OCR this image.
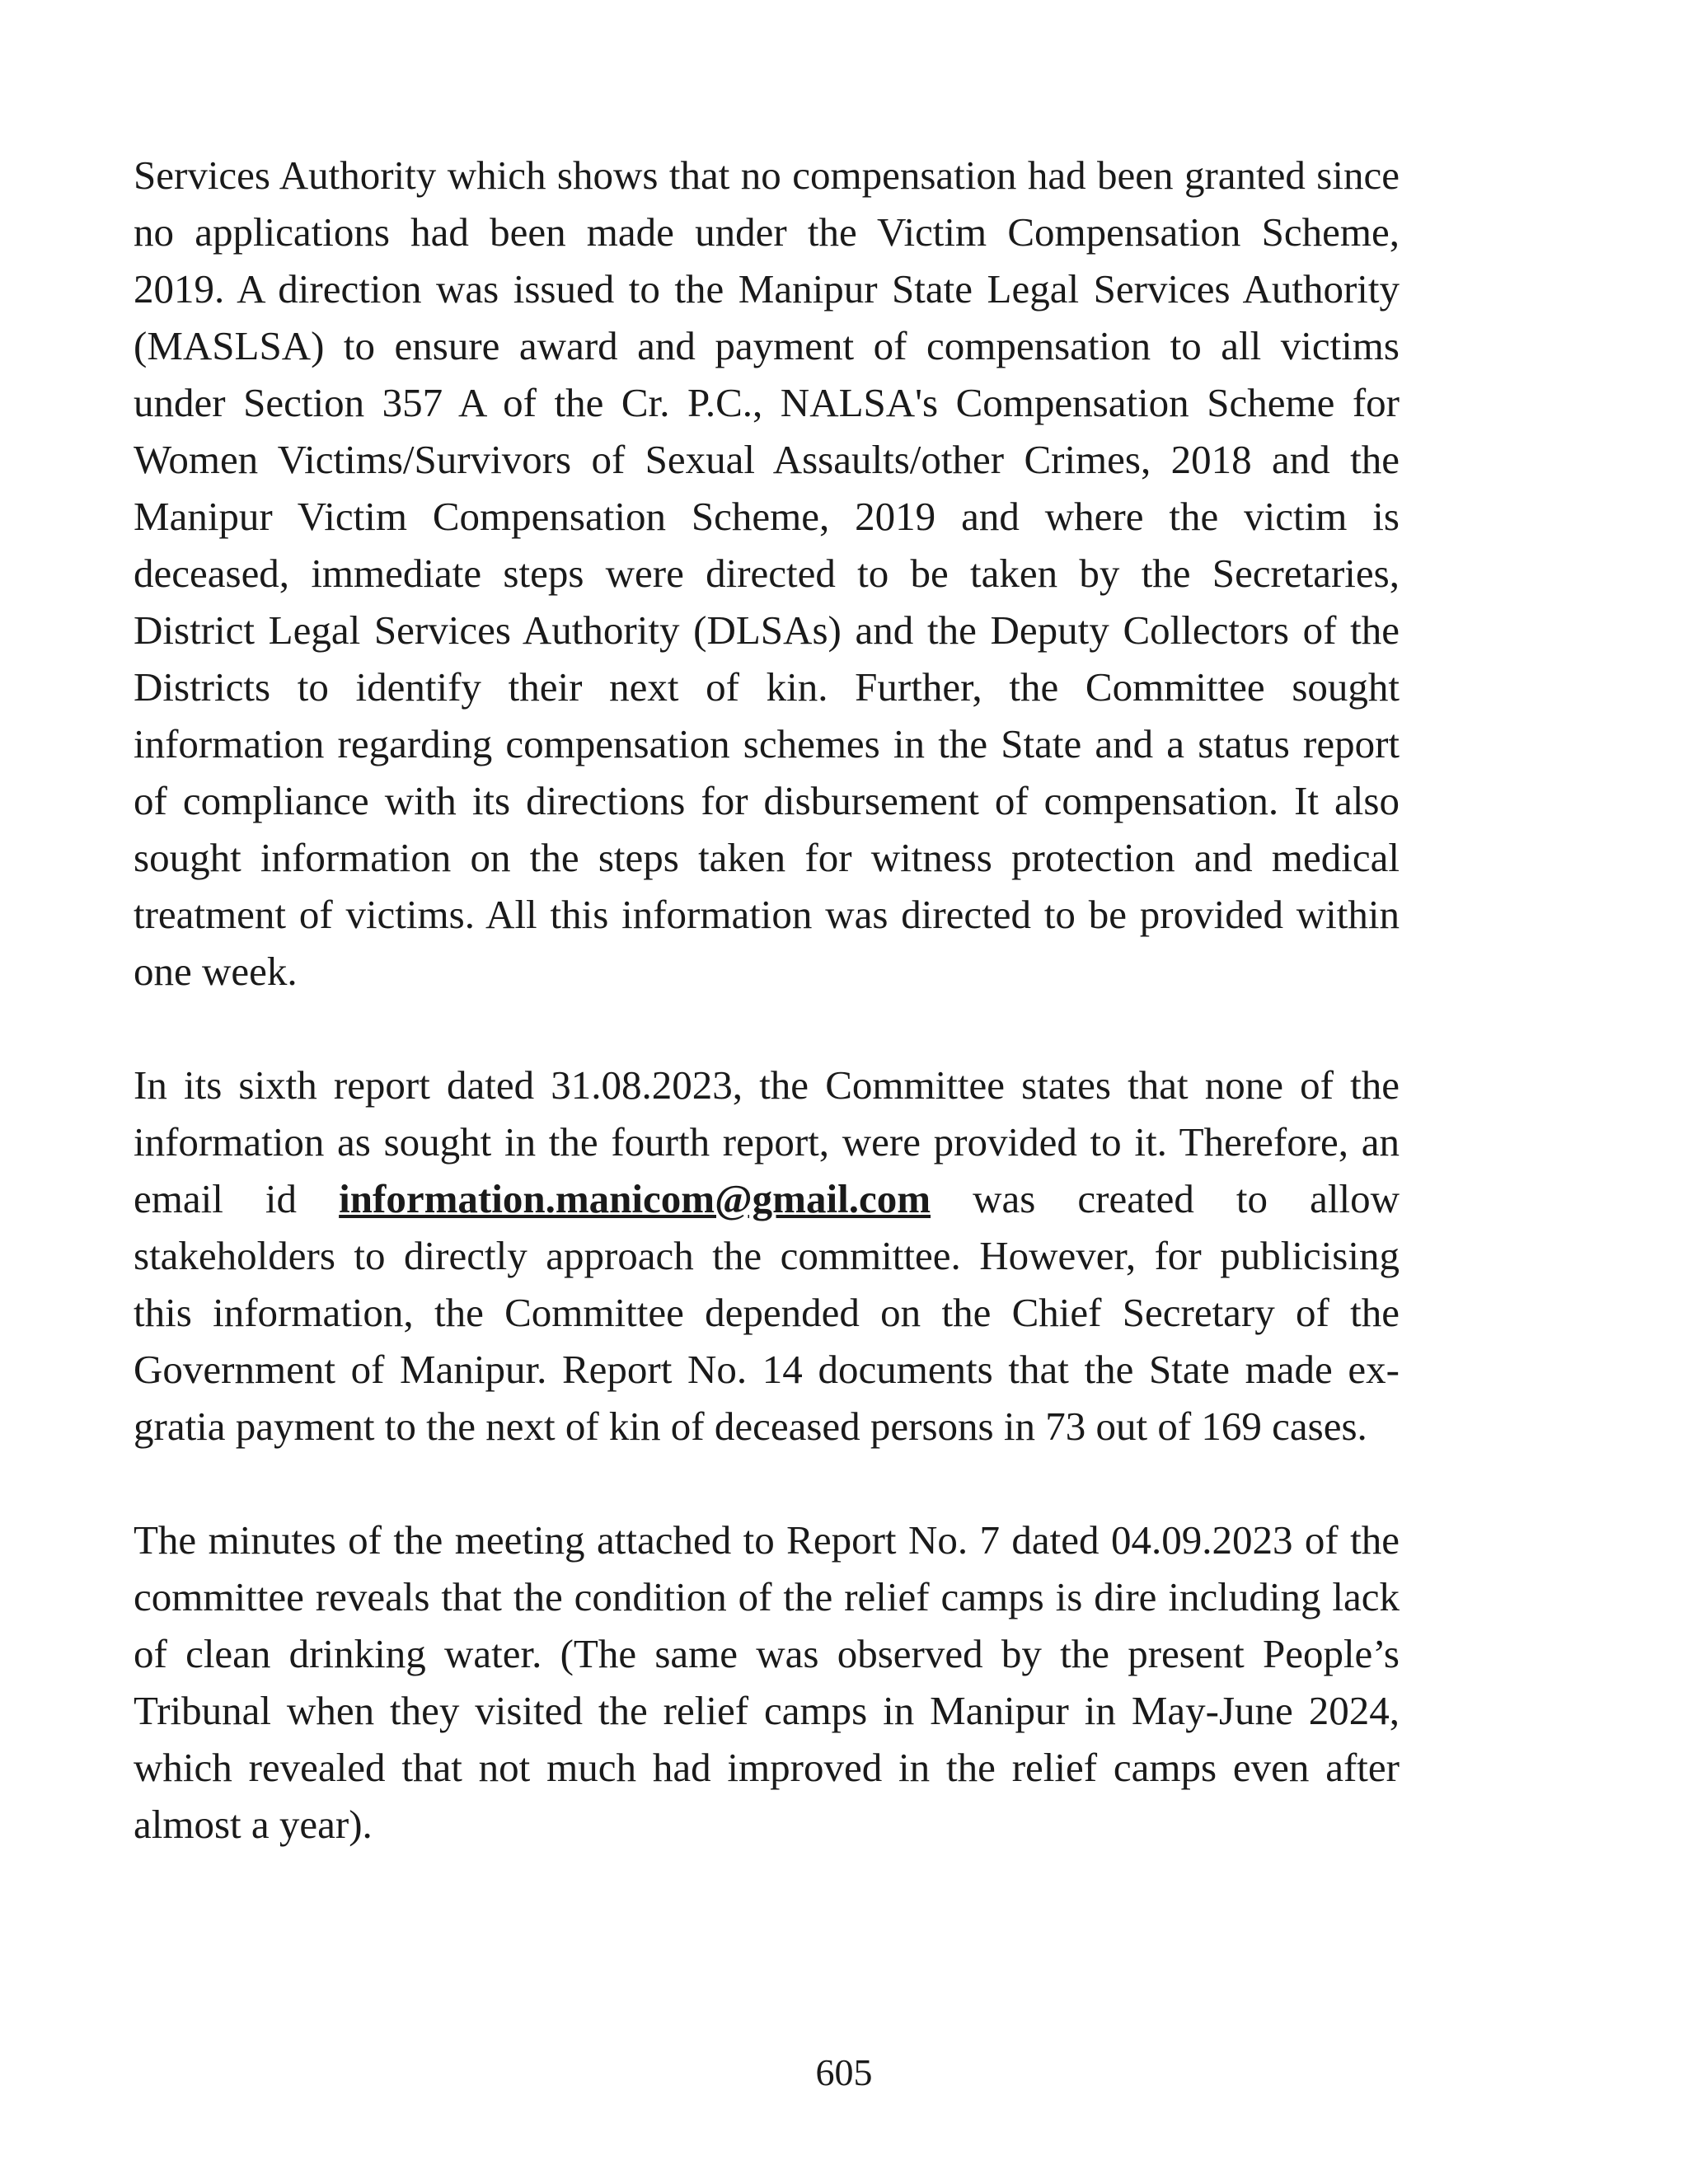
Services Authority which shows that no compensation had been granted since no applications had been made under the Victim Compensation Scheme, 2019. A direction was issued to the Manipur State Legal Services Authority (MASLSA) to ensure award and payment of compensation to all victims under Section 357 A of the Cr. P.C., NALSA's Compensation Scheme for Women Victims/Survivors of Sexual Assaults/other Crimes, 2018 and the Manipur Victim Compensation Scheme, 2019 and where the victim is deceased, immediate steps were directed to be taken by the Secretaries, District Legal Services Authority (DLSAs) and the Deputy Collectors of the Districts to identify their next of kin. Further, the Committee sought information regarding compensation schemes in the State and a status report of compliance with its directions for disbursement of compensation. It also sought information on the steps taken for witness protection and medical treatment of victims. All this information was directed to be provided within one week.

In its sixth report dated 31.08.2023, the Committee states that none of the information as sought in the fourth report, were provided to it. Therefore, an email id information.manicom@gmail.com was created to allow stakeholders to directly approach the committee. However, for publicising this information, the Committee depended on the Chief Secretary of the Government of Manipur. Report No. 14 documents that the State made ex-gratia payment to the next of kin of deceased persons in 73 out of 169 cases.

The minutes of the meeting attached to Report No. 7 dated 04.09.2023 of the committee reveals that the condition of the relief camps is dire including lack of clean drinking water. (The same was observed by the present People’s Tribunal when they visited the relief camps in Manipur in May-June 2024, which revealed that not much had improved in the relief camps even after almost a year).

605
